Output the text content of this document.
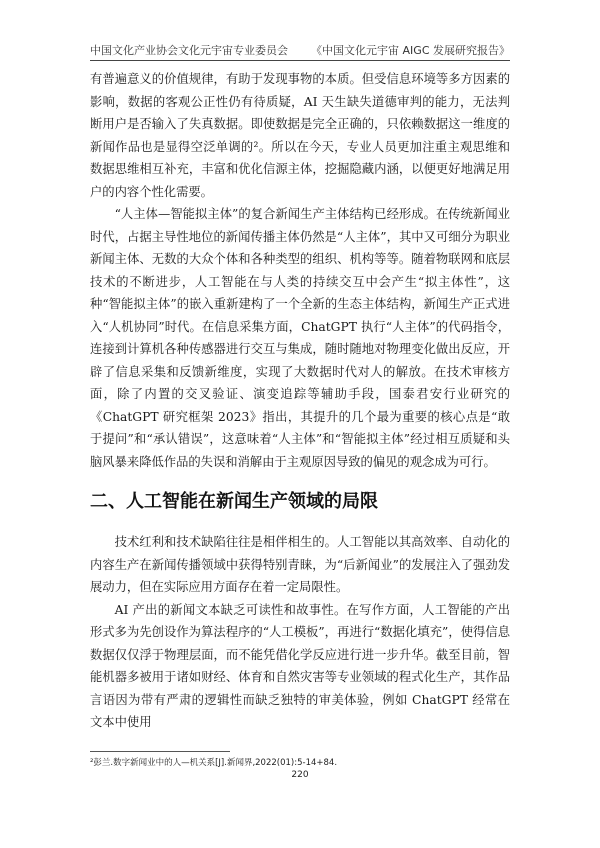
中国文化产业协会文化元宇宙专业委员会 《中国文化元宇宙 AIGC 发展研究报告》

有普遍意义的价值规律，有助于发现事物的本质。但受信息环境等多方因素的影响，数据的客观公正性仍有待质疑，AI 天生缺失道德审判的能力，无法判断用户是否输入了失真数据。即使数据是完全正确的，只依赖数据这一维度的新闻作品也是显得空泛单调的²。所以在今天，专业人员更加注重主观思维和数据思维相互补充，丰富和优化信源主体，挖掘隐藏内涵，以便更好地满足用户的内容个性化需要。

“人主体—智能拟主体”的复合新闻生产主体结构已经形成。在传统新闻业时代，占据主导性地位的新闻传播主体仍然是“人主体”，其中又可细分为职业新闻主体、无数的大众个体和各种类型的组织、机构等等。随着物联网和底层技术的不断进步，人工智能在与人类的持续交互中会产生“拟主体性”，这种“智能拟主体”的嵌入重新建构了一个全新的生态主体结构，新闻生产正式进入“人机协同”时代。在信息采集方面，ChatGPT 执行“人主体”的代码指令，连接到计算机各种传感器进行交互与集成，随时随地对物理变化做出反应，开辟了信息采集和反馈新维度，实现了大数据时代对人的解放。在技术审核方面，除了内置的交叉验证、演变追踪等辅助手段，国泰君安行业研究的《ChatGPT 研究框架 2023》指出，其提升的几个最为重要的核心点是“敢于提问”和“承认错误”，这意味着“人主体”和“智能拟主体”经过相互质疑和头脑风暴来降低作品的失误和消解由于主观原因导致的偏见的观念成为可行。

二、人工智能在新闻生产领域的局限

技术红利和技术缺陷往往是相伴相生的。人工智能以其高效率、自动化的内容生产在新闻传播领域中获得特别青睐，为“后新闻业”的发展注入了强劲发展动力，但在实际应用方面存在着一定局限性。

AI 产出的新闻文本缺乏可读性和故事性。在写作方面，人工智能的产出形式多为先创设作为算法程序的“人工模板”，再进行“数据化填充”，使得信息数据仅仅浮于物理层面，而不能凭借化学反应进行进一步升华。截至目前，智能机器多被用于诸如财经、体育和自然灾害等专业领域的程式化生产，其作品言语因为带有严肃的逻辑性而缺乏独特的审美体验，例如 ChatGPT 经常在文本中使用

²彭兰.数字新闻业中的人—机关系[J].新闻界,2022(01):5-14+84.
220
